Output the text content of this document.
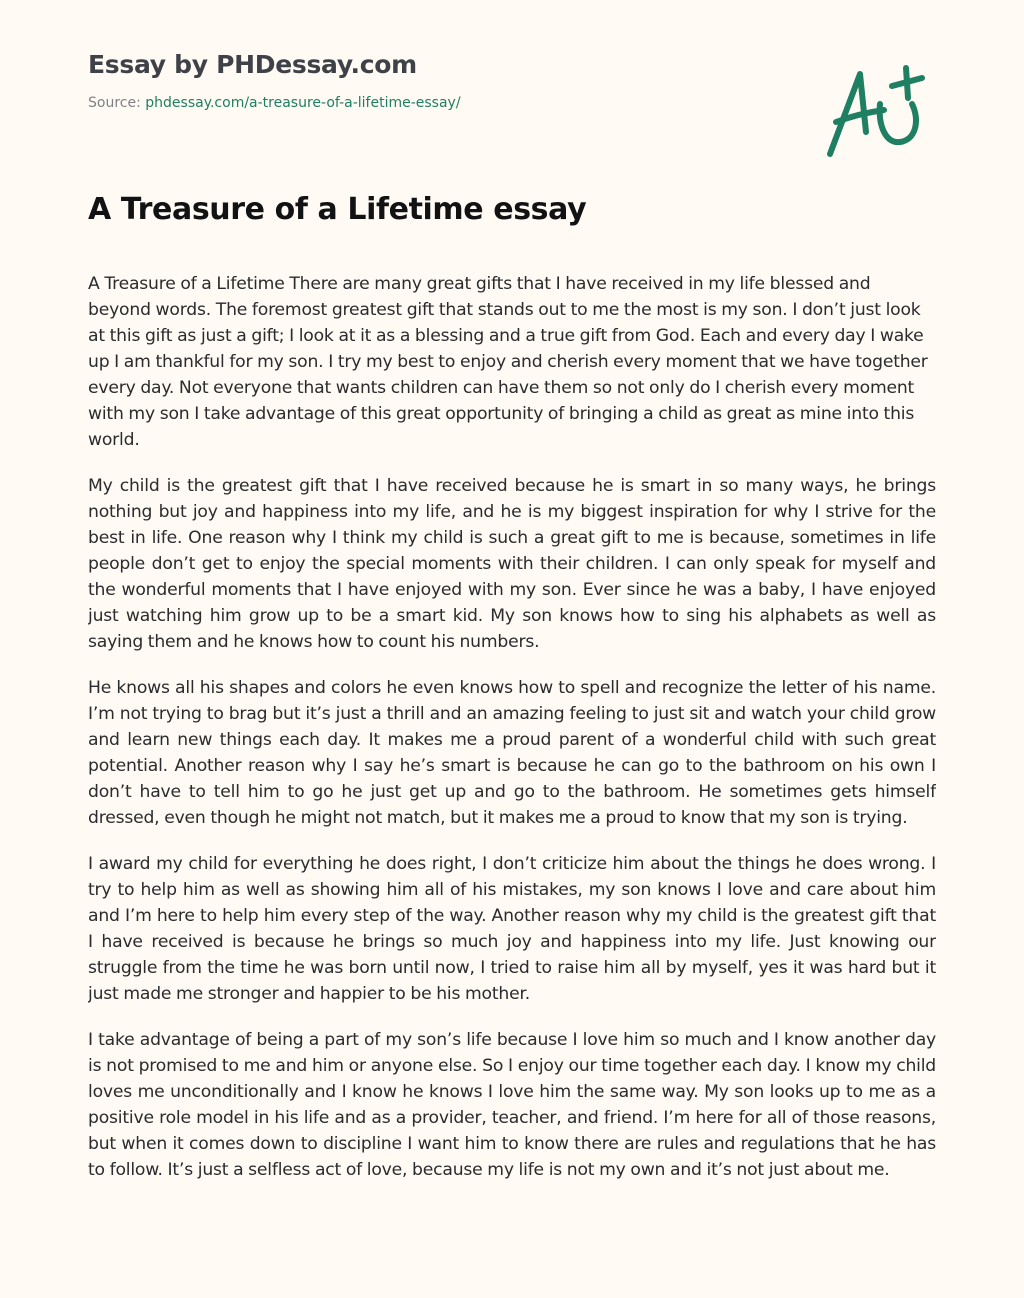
Essay by PHDessay.com
Source: phdessay.com/a-treasure-of-a-lifetime-essay/
A Treasure of a Lifetime essay

A Treasure of a Lifetime There are many great gifts that I have received in my life blessed and beyond words. The foremost greatest gift that stands out to me the most is my son. I don’t just look at this gift as just a gift; I look at it as a blessing and a true gift from God. Each and every day I wake up I am thankful for my son. I try my best to enjoy and cherish every moment that we have together every day. Not everyone that wants children can have them so not only do I cherish every moment with my son I take advantage of this great opportunity of bringing a child as great as mine into this world.

My child is the greatest gift that I have received because he is smart in so many ways, he brings nothing but joy and happiness into my life, and he is my biggest inspiration for why I strive for the best in life. One reason why I think my child is such a great gift to me is because, sometimes in life people don’t get to enjoy the special moments with their children. I can only speak for myself and the wonderful moments that I have enjoyed with my son. Ever since he was a baby, I have enjoyed just watching him grow up to be a smart kid. My son knows how to sing his alphabets as well as saying them and he knows how to count his numbers.

He knows all his shapes and colors he even knows how to spell and recognize the letter of his name. I’m not trying to brag but it’s just a thrill and an amazing feeling to just sit and watch your child grow and learn new things each day. It makes me a proud parent of a wonderful child with such great potential. Another reason why I say he’s smart is because he can go to the bathroom on his own I don’t have to tell him to go he just get up and go to the bathroom. He sometimes gets himself dressed, even though he might not match, but it makes me a proud to know that my son is trying.

I award my child for everything he does right, I don’t criticize him about the things he does wrong. I try to help him as well as showing him all of his mistakes, my son knows I love and care about him and I’m here to help him every step of the way. Another reason why my child is the greatest gift that I have received is because he brings so much joy and happiness into my life. Just knowing our struggle from the time he was born until now, I tried to raise him all by myself, yes it was hard but it just made me stronger and happier to be his mother.

I take advantage of being a part of my son’s life because I love him so much and I know another day is not promised to me and him or anyone else. So I enjoy our time together each day. I know my child loves me unconditionally and I know he knows I love him the same way. My son looks up to me as a positive role model in his life and as a provider, teacher, and friend. I’m here for all of those reasons, but when it comes down to discipline I want him to know there are rules and regulations that he has to follow. It’s just a selfless act of love, because my life is not my own and it’s not just about me.
